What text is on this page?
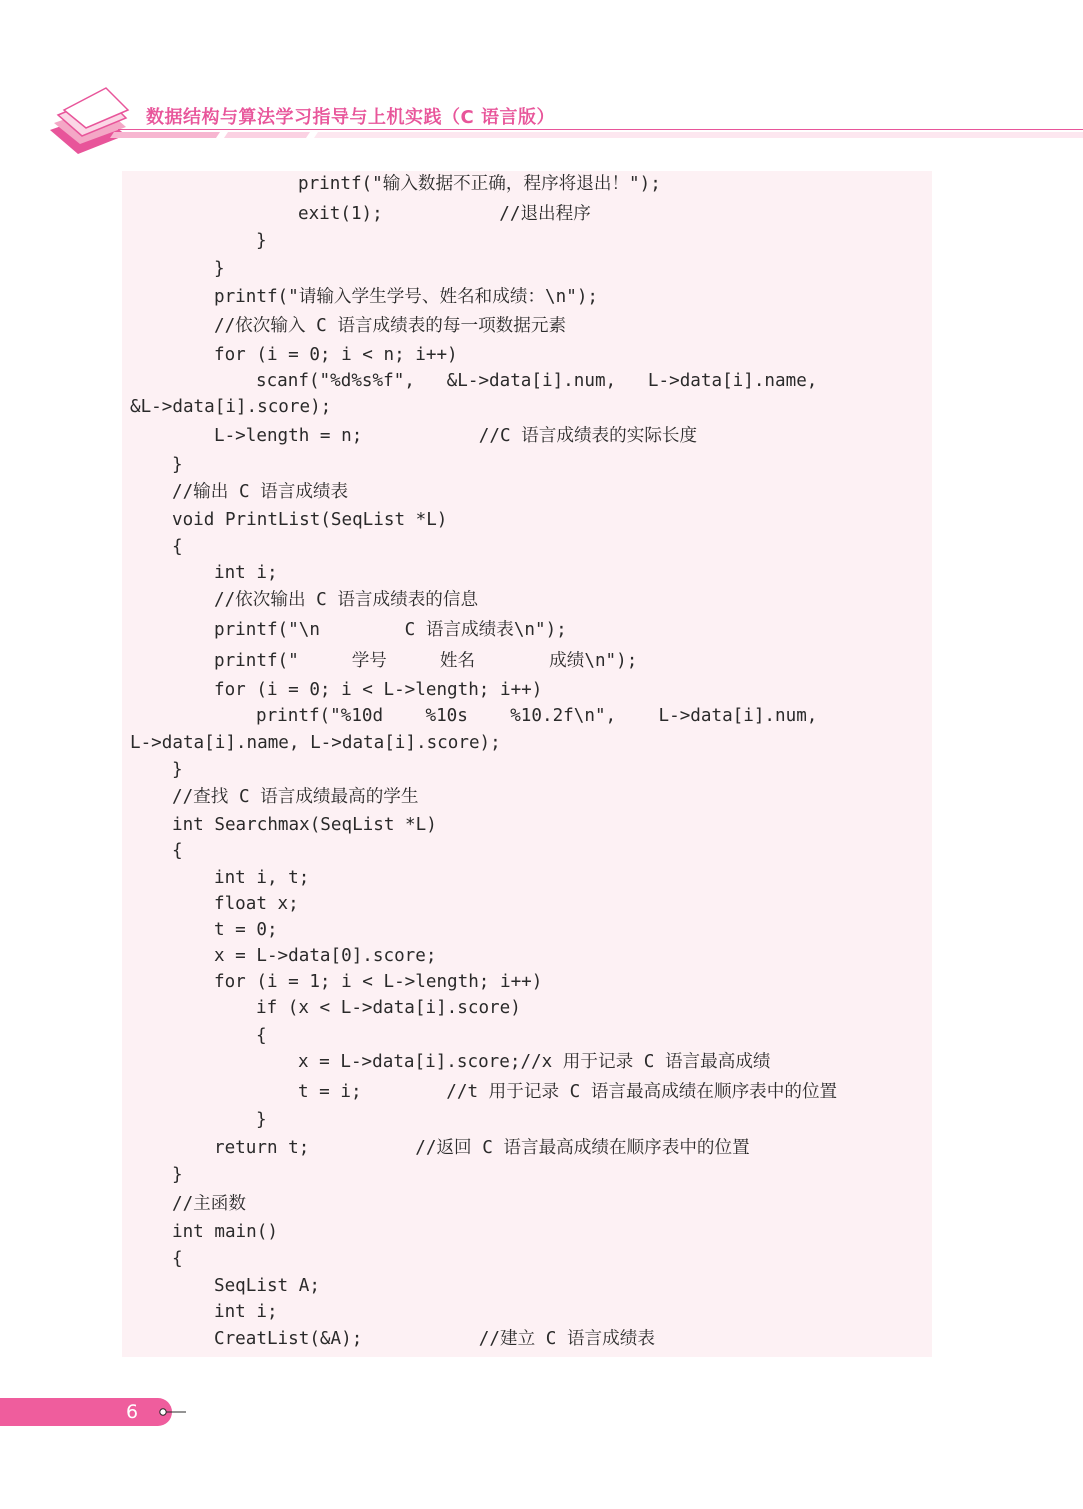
数据结构与算法学习指导与上机实践（C 语言版）
printf("输入数据不正确，程序将退出！");
exit(1);           //退出程序
}
}
printf("请输入学生学号、姓名和成绩：\n");
//依次输入 C 语言成绩表的每一项数据元素
for (i = 0; i < n; i++)
scanf("%d%s%f",   &L->data[i].num,   L->data[i].name,
&L->data[i].score);
L->length = n;           //C 语言成绩表的实际长度
}
//输出 C 语言成绩表
void PrintList(SeqList *L)
{
int i;
//依次输出 C 语言成绩表的信息
printf("\n        C 语言成绩表\n");
printf("     学号     姓名       成绩\n");
for (i = 0; i < L->length; i++)
printf("%10d    %10s    %10.2f\n",    L->data[i].num,
L->data[i].name, L->data[i].score);
}
//查找 C 语言成绩最高的学生
int Searchmax(SeqList *L)
{
int i, t;
float x;
t = 0;
x = L->data[0].score;
for (i = 1; i < L->length; i++)
if (x < L->data[i].score)
{
x = L->data[i].score;//x 用于记录 C 语言最高成绩
t = i;        //t 用于记录 C 语言最高成绩在顺序表中的位置
}
return t;          //返回 C 语言最高成绩在顺序表中的位置
}
//主函数
int main()
{
SeqList A;
int i;
CreatList(&A);           //建立 C 语言成绩表
6
